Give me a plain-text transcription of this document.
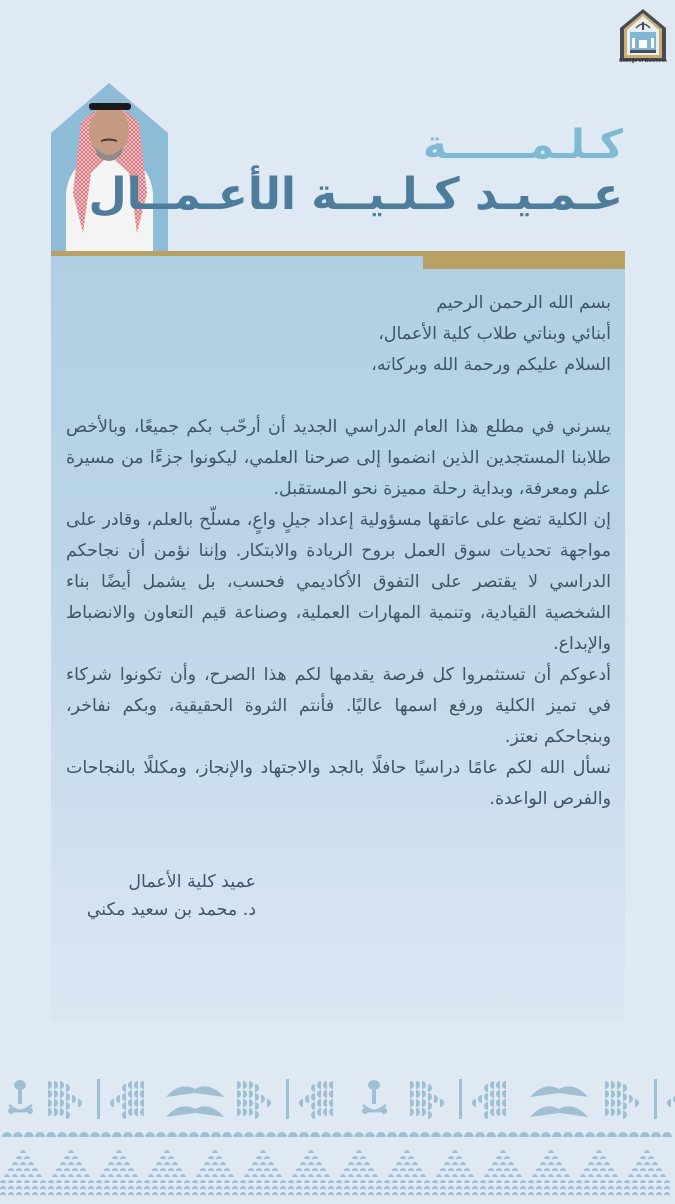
College of Business
كـلـمــــــة
عـمـيـد كـلـيــة الأعـمــال

بسم الله الرحمن الرحيم

أبنائي وبناتي طلاب كلية الأعمال،

السلام عليكم ورحمة الله وبركاته،

يسرني في مطلع هذا العام الدراسي الجديد أن أرحّب بكم جميعًا، وبالأخص طلابنا المستجدين الذين انضموا إلى صرحنا العلمي، ليكونوا جزءًا من مسيرة علم ومعرفة، وبداية رحلة مميزة نحو المستقبل.

إن الكلية تضع على عاتقها مسؤولية إعداد جيلٍ واعٍ، مسلّح بالعلم، وقادر على مواجهة تحديات سوق العمل بروح الريادة والابتكار. وإننا نؤمن أن نجاحكم الدراسي لا يقتصر على التفوق الأكاديمي فحسب، بل يشمل أيضًا بناء الشخصية القيادية، وتنمية المهارات العملية، وصناعة قيم التعاون والانضباط والإبداع.

أدعوكم أن تستثمروا كل فرصة يقدمها لكم هذا الصرح، وأن تكونوا شركاء في تميز الكلية ورفع اسمها عاليًا. فأنتم الثروة الحقيقية، وبكم نفاخر، وبنجاحكم نعتز.

نسأل الله لكم عامًا دراسيًا حافلًا بالجد والاجتهاد والإنجاز، ومكللًا بالنجاحات والفرص الواعدة.

عميد كلية الأعمال
د. محمد بن سعيد مكني
